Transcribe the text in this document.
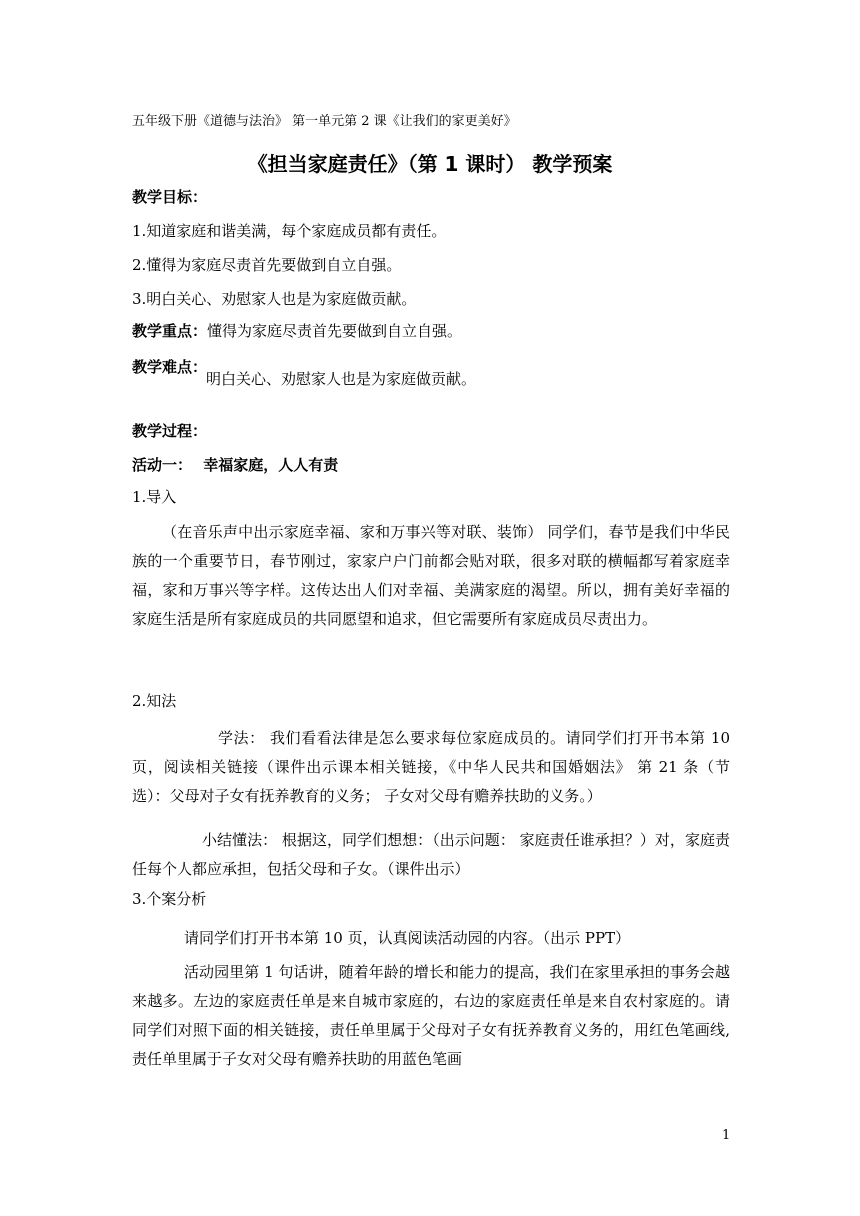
五年级下册《道德与法治》 第一单元第 2 课《让我们的家更美好》
《担当家庭责任》（第 1 课时） 教学预案
教学目标：
1.知道家庭和谐美满，每个家庭成员都有责任。
2.懂得为家庭尽责首先要做到自立自强。
3.明白关心、劝慰家人也是为家庭做贡献。
教学重点：懂得为家庭尽责首先要做到自立自强。
教学难点：
明白关心、劝慰家人也是为家庭做贡献。
教学过程：
活动一： 幸福家庭，人人有责
1.导入
（在音乐声中出示家庭幸福、家和万事兴等对联、装饰） 同学们，春节是我们中华民族的一个重要节日，春节刚过，家家户户门前都会贴对联，很多对联的横幅都写着家庭幸福，家和万事兴等字样。这传达出人们对幸福、美满家庭的渴望。所以，拥有美好幸福的家庭生活是所有家庭成员的共同愿望和追求，但它需要所有家庭成员尽责出力。
2.知法
学法： 我们看看法律是怎么要求每位家庭成员的。请同学们打开书本第 10 页，阅读相关链接（课件出示课本相关链接，《中华人民共和国婚姻法》 第 21 条（节选）：父母对子女有抚养教育的义务； 子女对父母有赡养扶助的义务。）
小结懂法： 根据这，同学们想想：（出示问题： 家庭责任谁承担？）对，家庭责任每个人都应承担，包括父母和子女。（课件出示）
3.个案分析
请同学们打开书本第 10 页，认真阅读活动园的内容。（出示 PPT）
活动园里第 1 句话讲，随着年龄的增长和能力的提高，我们在家里承担的事务会越来越多。左边的家庭责任单是来自城市家庭的，右边的家庭责任单是来自农村家庭的。请同学们对照下面的相关链接，责任单里属于父母对子女有抚养教育义务的，用红色笔画线,责任单里属于子女对父母有赡养扶助的用蓝色笔画
1
